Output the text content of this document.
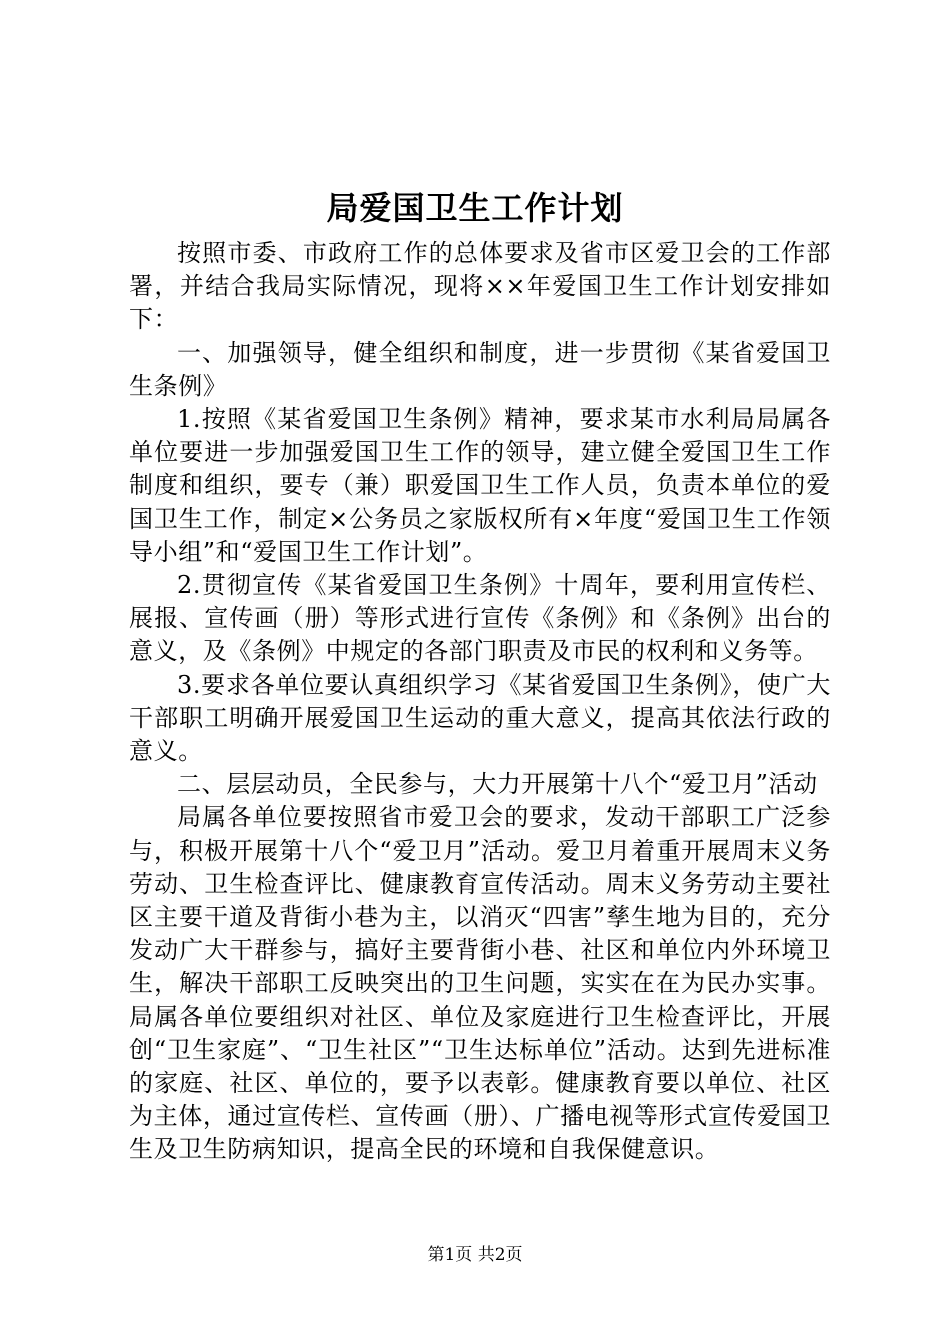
局爱国卫生工作计划

按照市委、市政府工作的总体要求及省市区爱卫会的工作部署，并结合我局实际情况，现将××年爱国卫生工作计划安排如下：

一、加强领导，健全组织和制度，进一步贯彻《某省爱国卫生条例》

1.按照《某省爱国卫生条例》精神，要求某市水利局局属各单位要进一步加强爱国卫生工作的领导，建立健全爱国卫生工作制度和组织，要专（兼）职爱国卫生工作人员，负责本单位的爱国卫生工作，制定×公务员之家版权所有×年度“爱国卫生工作领导小组”和“爱国卫生工作计划”。

2.贯彻宣传《某省爱国卫生条例》十周年，要利用宣传栏、展报、宣传画（册）等形式进行宣传《条例》和《条例》出台的意义，及《条例》中规定的各部门职责及市民的权利和义务等。

3.要求各单位要认真组织学习《某省爱国卫生条例》，使广大干部职工明确开展爱国卫生运动的重大意义，提高其依法行政的意义。

二、层层动员，全民参与，大力开展第十八个“爱卫月”活动

局属各单位要按照省市爱卫会的要求，发动干部职工广泛参与，积极开展第十八个“爱卫月”活动。爱卫月着重开展周末义务劳动、卫生检查评比、健康教育宣传活动。周末义务劳动主要社区主要干道及背街小巷为主，以消灭“四害”孳生地为目的，充分发动广大干群参与，搞好主要背街小巷、社区和单位内外环境卫生，解决干部职工反映突出的卫生问题，实实在在为民办实事。局属各单位要组织对社区、单位及家庭进行卫生检查评比，开展创“卫生家庭”、“卫生社区”“卫生达标单位”活动。达到先进标准的家庭、社区、单位的，要予以表彰。健康教育要以单位、社区为主体，通过宣传栏、宣传画（册）、广播电视等形式宣传爱国卫生及卫生防病知识，提高全民的环境和自我保健意识。

第1页 共2页
